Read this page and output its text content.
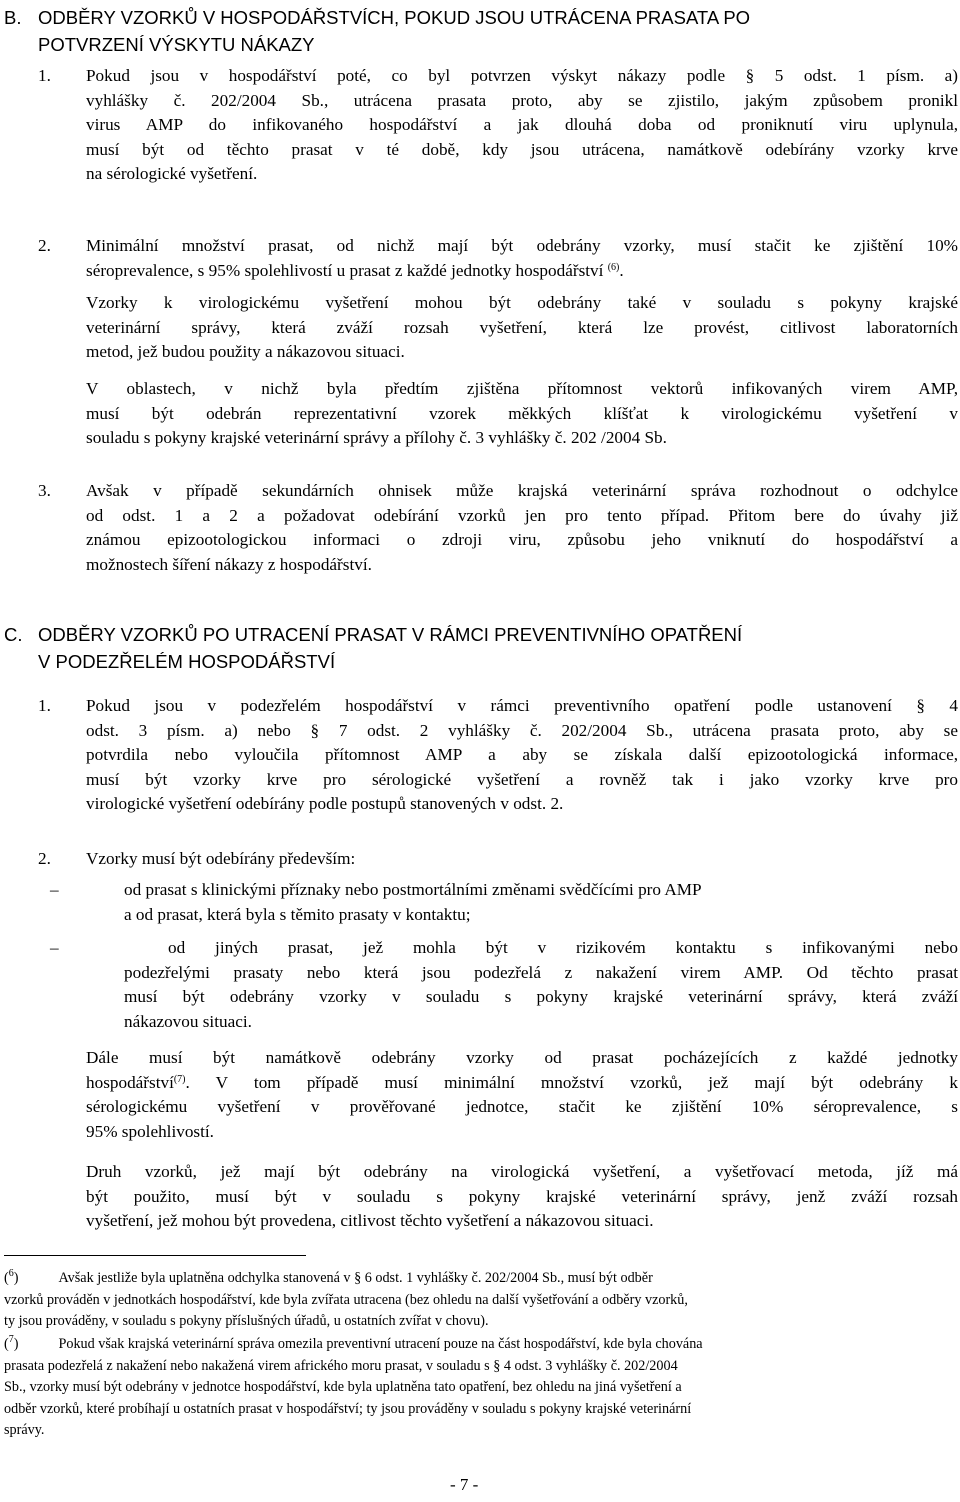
B. ODBĚRY VZORKŮ V HOSPODÁŘSTVÍCH, POKUD JSOU UTRÁCENA PRASATA PO
POTVRZENÍ VÝSKYTU NÁKAZY
1. Pokud jsou v hospodářství poté, co byl potvrzen výskyt nákazy podle § 5 odst. 1 písm. a)
vyhlášky č. 202/2004 Sb., utrácena prasata proto, aby se zjistilo, jakým způsobem pronikl
virus AMP do infikovaného hospodářství a jak dlouhá doba od proniknutí viru uplynula,
musí být od těchto prasat v té době, kdy jsou utrácena, namátkově odebírány vzorky krve
na sérologické vyšetření.

2. Minimální množství prasat, od nichž mají být odebrány vzorky, musí stačit ke zjištění 10%
séroprevalence, s 95% spolehlivostí u prasat z každé jednotky hospodářství $^{(6)}$.

Vzorky k virologickému vyšetření mohou být odebrány také v souladu s pokyny krajské
veterinární správy, která zváží rozsah vyšetření, která lze provést, citlivost laboratorních
metod, jež budou použity a nákazovou situaci.

V oblastech, v nichž byla předtím zjištěna přítomnost vektorů infikovaných virem AMP,
musí být odebrán reprezentativní vzorek měkkých klíšťat k virologickému vyšetření v
souladu s pokyny krajské veterinární správy a přílohy č. 3 vyhlášky č. 202 /2004 Sb.

3. Avšak v případě sekundárních ohnisek může krajská veterinární správa rozhodnout o odchylce
od odst. 1 a 2 a požadovat odebírání vzorků jen pro tento případ. Přitom bere do úvahy již
známou epizootologickou informaci o zdroji viru, způsobu jeho vniknutí do hospodářství a
možnostech šíření nákazy z hospodářství.

C. ODBĚRY VZORKŮ PO UTRACENÍ PRASAT V RÁMCI PREVENTIVNÍHO OPATŘENÍ
V PODEZŘELÉM HOSPODÁŘSTVÍ
1. Pokud jsou v podezřelém hospodářství v rámci preventivního opatření podle ustanovení § 4
odst. 3 písm. a) nebo § 7 odst. 2 vyhlášky č. 202/2004 Sb., utrácena prasata proto, aby se
potvrdila nebo vyloučila přítomnost AMP a aby se získala další epizootologická informace,
musí být vzorky krve pro sérologické vyšetření a rovněž tak i jako vzorky krve pro
virologické vyšetření odebírány podle postupů stanovených v odst. 2.

2. Vzorky musí být odebírány především:

–	od prasat s klinickými příznaky nebo postmortálními změnami svědčícími pro AMP
a od prasat, která byla s těmito prasaty v kontaktu;

–	od jiných prasat, jež mohla být v rizikovém kontaktu s infikovanými nebo
podezřelými prasaty nebo která jsou podezřelá z nakažení virem AMP. Od těchto prasat
musí být odebrány vzorky v souladu s pokyny krajské veterinární správy, která zváží
nákazovou situaci.

Dále musí být namátkově odebrány vzorky od prasat pocházejících z každé jednotky
hospodářství$^{(7)}$. V tom případě musí minimální množství vzorků, jež mají být odebrány k
sérologickému vyšetření v prověřované jednotce, stačit ke zjištění 10% séroprevalence, s
95% spolehlivostí.

Druh vzorků, jež mají být odebrány na virologická vyšetření, a vyšetřovací metoda, jíž má
být použito, musí být v souladu s pokyny krajské veterinární správy, jenž zváží rozsah
vyšetření, jež mohou být provedena, citlivost těchto vyšetření a nákazovou situaci.

($^6$)	Avšak jestliže byla uplatněna odchylka stanovená v § 6 odst. 1 vyhlášky č. 202/2004 Sb., musí být odběr
vzorků prováděn v jednotkách hospodářství, kde byla zvířata utracena (bez ohledu na další vyšetřování a odběry vzorků,
ty jsou prováděny, v souladu s pokyny příslušných úřadů, u ostatních zvířat v chovu).

($^7$)	Pokud však krajská veterinární správa omezila preventivní utracení pouze na část hospodářství, kde byla chována
prasata podezřelá z nakažení nebo nakažená virem afrického moru prasat, v souladu s § 4 odst. 3 vyhlášky č. 202/2004
Sb., vzorky musí být odebrány v jednotce hospodářství, kde byla uplatněna tato opatření, bez ohledu na jiná vyšetření a
odběr vzorků, které probíhají u ostatních prasat v hospodářství; ty jsou prováděny v souladu s pokyny krajské veterinární
správy.

- 7 -
